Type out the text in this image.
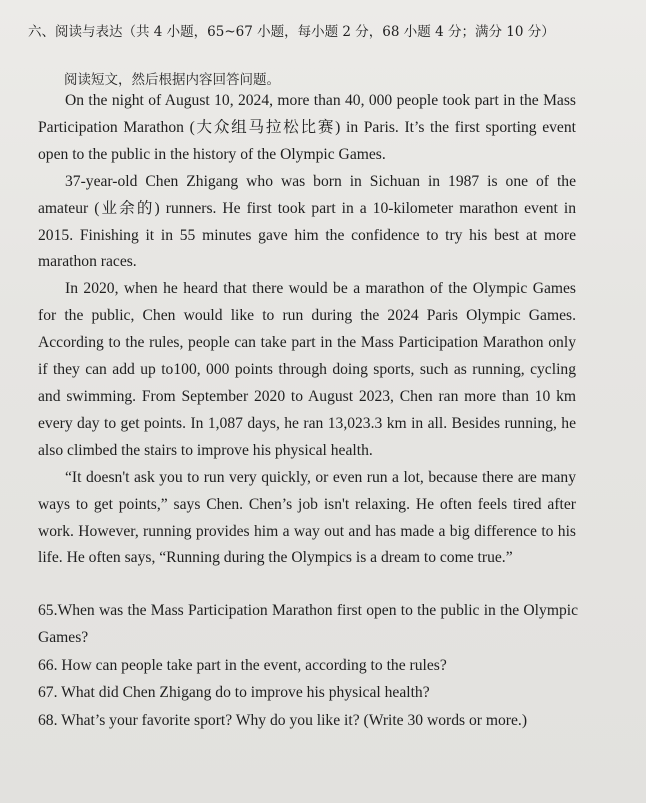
六、阅读与表达（共 4 小题，65~67 小题，每小题 2 分，68 小题 4 分；满分 10 分）
阅读短文，然后根据内容回答问题。

On the night of August 10, 2024, more than 40, 000 people took part in the Mass Participation Marathon (大众组马拉松比赛) in Paris. It’s the first sporting event open to the public in the history of the Olympic Games.

37-year-old Chen Zhigang who was born in Sichuan in 1987 is one of the amateur (业余的) runners. He first took part in a 10-kilometer marathon event in 2015. Finishing it in 55 minutes gave him the confidence to try his best at more marathon races.

In 2020, when he heard that there would be a marathon of the Olympic Games for the public, Chen would like to run during the 2024 Paris Olympic Games. According to the rules, people can take part in the Mass Participation Marathon only if they can add up to100, 000 points through doing sports, such as running, cycling and swimming. From September 2020 to August 2023, Chen ran more than 10 km every day to get points. In 1,087 days, he ran 13,023.3 km in all. Besides running, he also climbed the stairs to improve his physical health.

“It doesn't ask you to run very quickly, or even run a lot, because there are many ways to get points,” says Chen. Chen’s job isn't relaxing. He often feels tired after work. However, running provides him a way out and has made a big difference to his life. He often says, “Running during the Olympics is a dream to come true.”

65.When was the Mass Participation Marathon first open to the public in the Olympic Games?

66. How can people take part in the event, according to the rules?

67. What did Chen Zhigang do to improve his physical health?

68. What’s your favorite sport? Why do you like it? (Write 30 words or more.)
